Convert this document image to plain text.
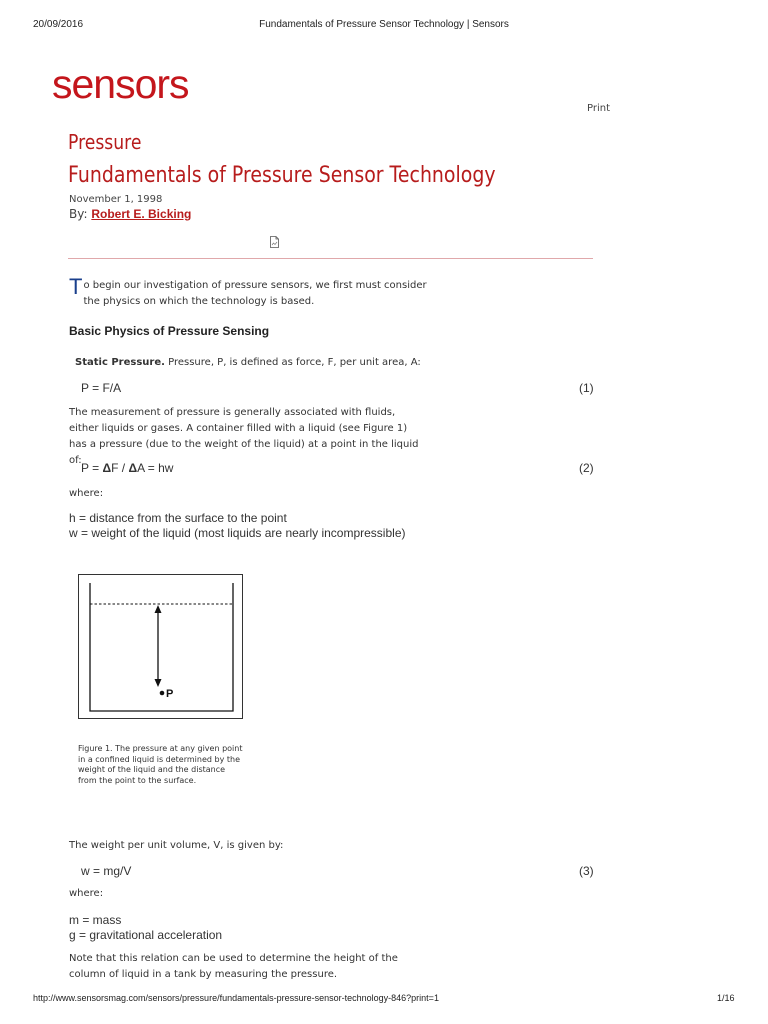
20/09/2016	Fundamentals of Pressure Sensor Technology | Sensors
sensors
Print
Pressure
Fundamentals of Pressure Sensor Technology
November 1, 1998
By: Robert E. Bicking
To begin our investigation of pressure sensors, we first must consider the physics on which the technology is based.
Basic Physics of Pressure Sensing
Static Pressure. Pressure, P, is defined as force, F, per unit area, A:
P = F/A	(1)
The measurement of pressure is generally associated with fluids, either liquids or gases. A container filled with a liquid (see Figure 1) has a pressure (due to the weight of the liquid) at a point in the liquid of:
P = ΔF / ΔA = hw	(2)
where:
h = distance from the surface to the point
w = weight of the liquid (most liquids are nearly incompressible)
P
Figure 1. The pressure at any given point in a confined liquid is determined by the weight of the liquid and the distance from the point to the surface.
The weight per unit volume, V, is given by:
w = mg/V	(3)
where:
m = mass
g = gravitational acceleration
Note that this relation can be used to determine the height of the column of liquid in a tank by measuring the pressure.
http://www.sensorsmag.com/sensors/pressure/fundamentals-pressure-sensor-technology-846?print=1	1/16
